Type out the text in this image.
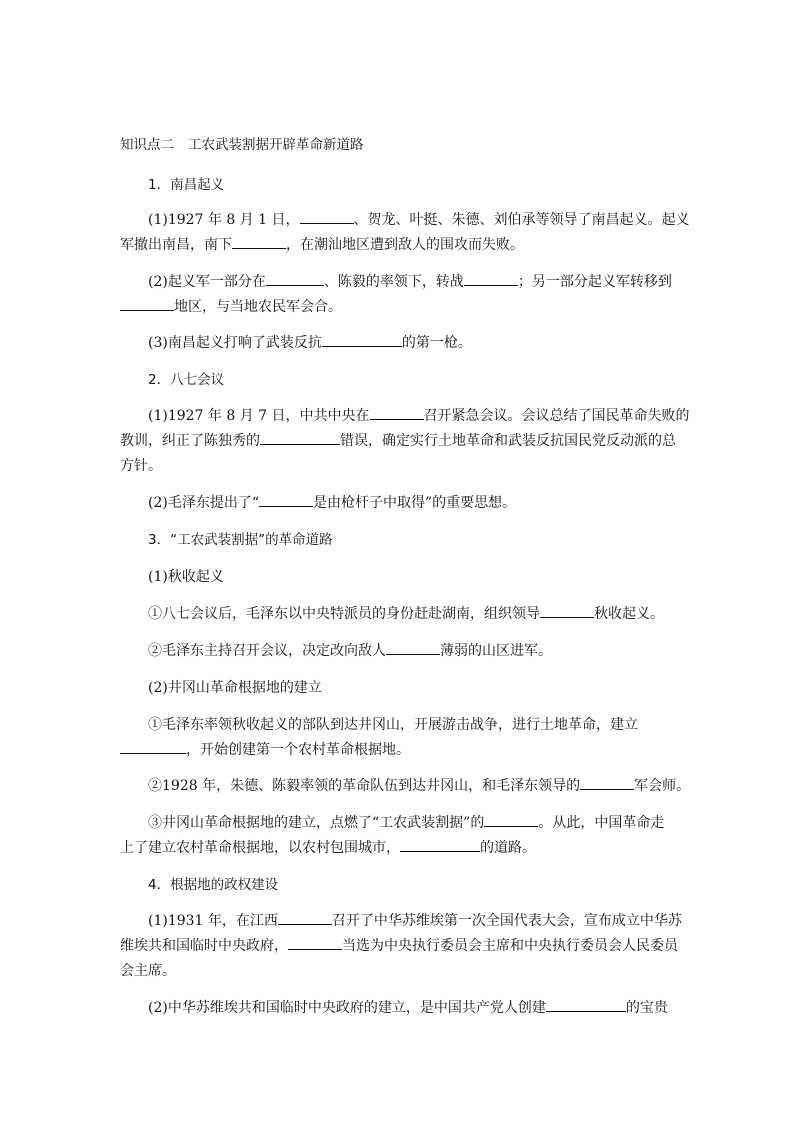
知识点二 工农武装割据开辟革命新道路
1．南昌起义
(1)1927 年 8 月 1 日，	、贺龙、叶挺、朱德、刘伯承等领导了南昌起义。起义
军撤出南昌，南下	，在潮汕地区遭到敌人的围攻而失败。
(2)起义军一部分在	、陈毅的率领下，转战	；另一部分起义军转移到
地区，与当地农民军会合。
(3)南昌起义打响了武装反抗	的第一枪。
2．八七会议
(1)1927 年 8 月 7 日，中共中央在	召开紧急会议。会议总结了国民革命失败的
教训，纠正了陈独秀的	错误，确定实行土地革命和武装反抗国民党反动派的总
方针。
(2)毛泽东提出了“	是由枪杆子中取得”的重要思想。
3．“工农武装割据”的革命道路
(1)秋收起义
①八七会议后，毛泽东以中央特派员的身份赶赴湖南，组织领导	秋收起义。
②毛泽东主持召开会议，决定改向敌人	薄弱的山区进军。
(2)井冈山革命根据地的建立
①毛泽东率领秋收起义的部队到达井冈山，开展游击战争，进行土地革命，建立
，开始创建第一个农村革命根据地。
②1928 年，朱德、陈毅率领的革命队伍到达井冈山，和毛泽东领导的	军会师。
③井冈山革命根据地的建立，点燃了“工农武装割据”的	。从此，中国革命走
上了建立农村革命根据地，以农村包围城市，	的道路。
4．根据地的政权建设
(1)1931 年，在江西	召开了中华苏维埃第一次全国代表大会，宣布成立中华苏
维埃共和国临时中央政府，	当选为中央执行委员会主席和中央执行委员会人民委员
会主席。
(2)中华苏维埃共和国临时中央政府的建立，是中国共产党人创建	的宝贵
